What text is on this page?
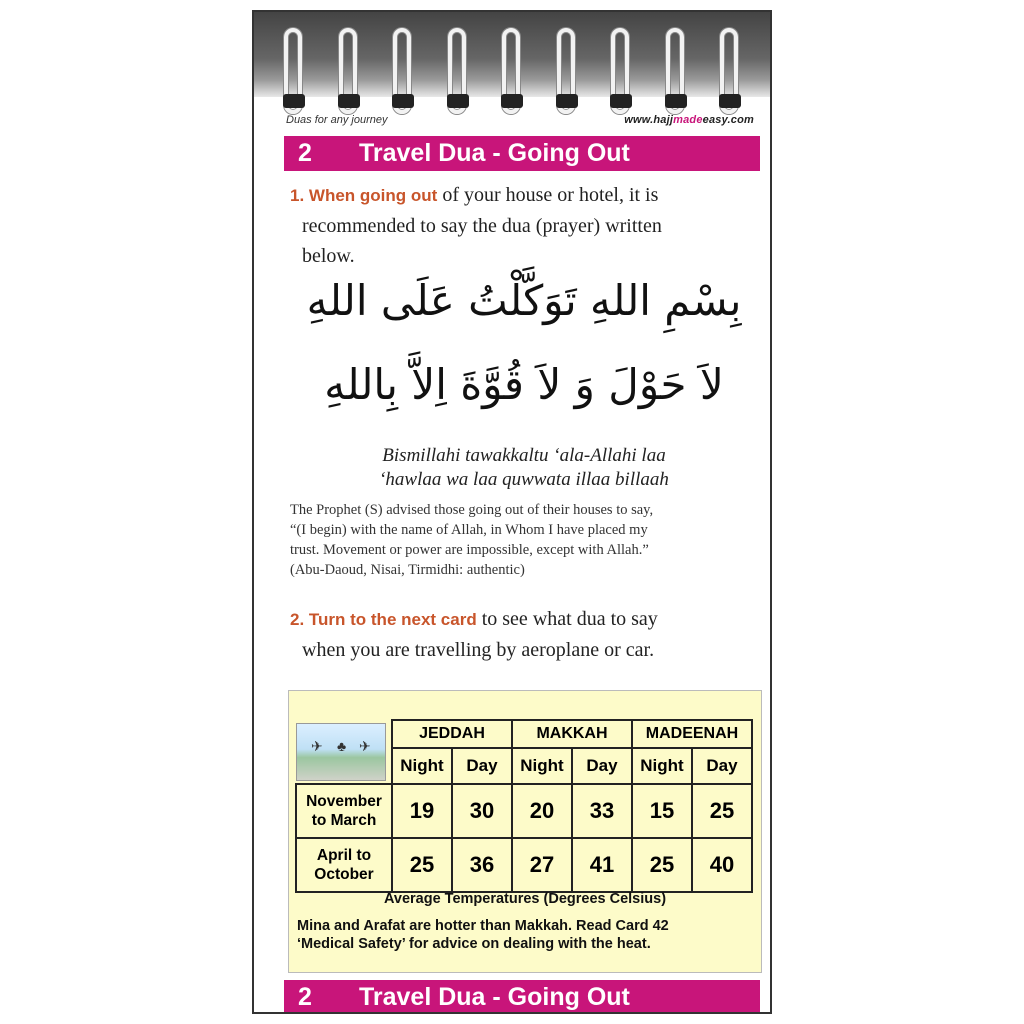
Duas for any journey	www.hajjmadeeasy.com
2	Travel Dua - Going Out
1. When going out of your house or hotel, it is
recommended to say the dua (prayer) written
below.
بِسْمِ اللهِ تَوَكَّلْتُ عَلَى اللهِ
لاَ حَوْلَ وَ لاَ قُوَّةَ اِلاَّ بِاللهِ
Bismillahi tawakkaltu ‘ala-Allahi laa
‘hawlaa wa laa quwwata illaa billaah
The Prophet (S) advised those going out of their houses to say,
“(I begin) with the name of Allah, in Whom I have placed my
trust. Movement or power are impossible, except with Allah.”
(Abu-Daoud, Nisai, Tirmidhi: authentic)
2. Turn to the next card to see what dua to say
when you are travelling by aeroplane or car.
✈ ♣ ✈	JEDDAH		MAKKAH		MADEENAH	
	Night	Day	Night	Day	Night	Day

November
to March	19	30	20	33	15	25

April to
October	25	36	27	41	25	40
Average Temperatures (Degrees Celsius)
Mina and Arafat are hotter than Makkah. Read Card 42
‘Medical Safety’ for advice on dealing with the heat.
2	Travel Dua - Going Out
